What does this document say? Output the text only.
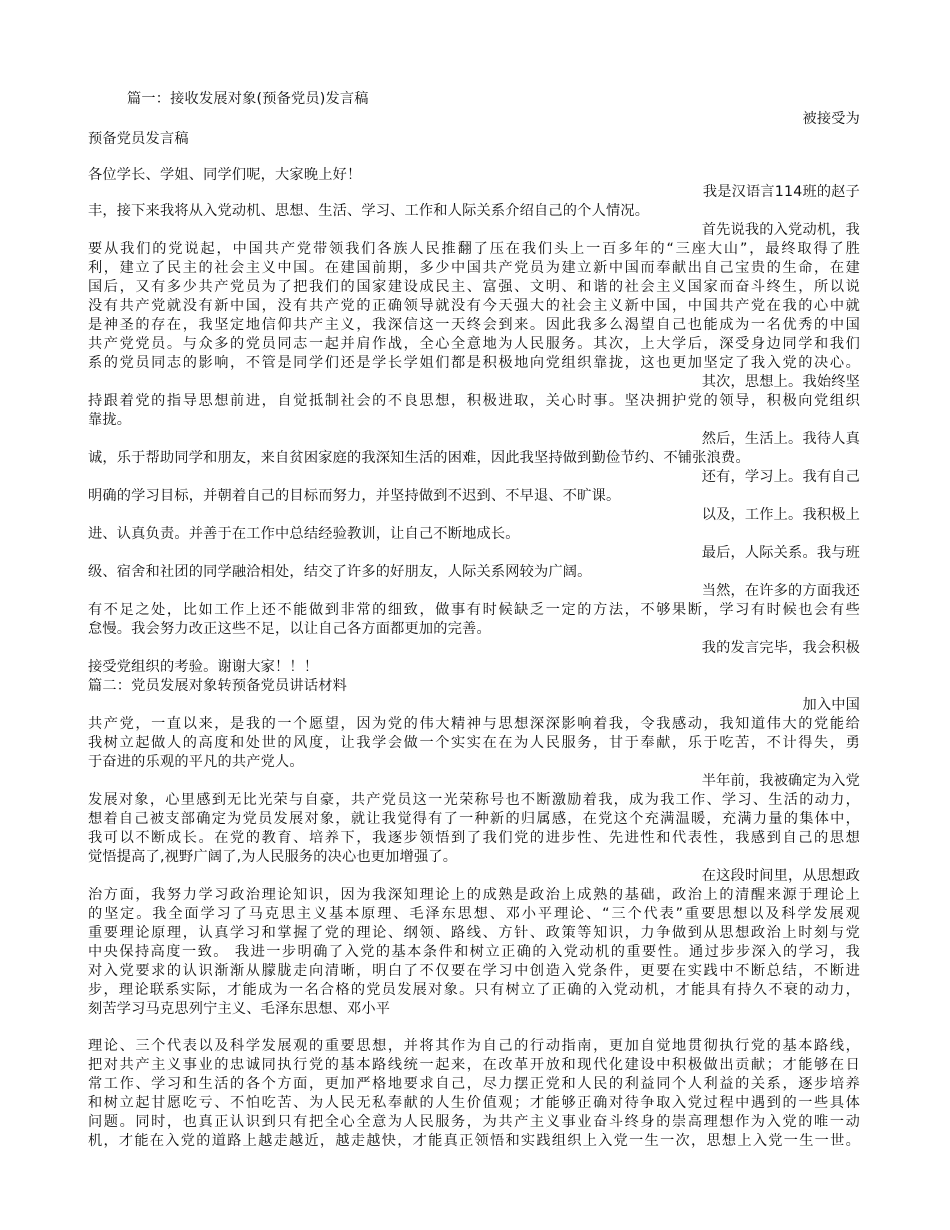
篇一：接收发展对象(预备党员)发言稿
被接受为
预备党员发言稿
各位学长、学姐、同学们呢，大家晚上好！
我是汉语言114班的赵子
丰，接下来我将从入党动机、思想、生活、学习、工作和人际关系介绍自己的个人情况。
首先说我的入党动机，我
要从我们的党说起，中国共产党带领我们各族人民推翻了压在我们头上一百多年的“三座大山”，最终取得了胜
利，建立了民主的社会主义中国。在建国前期，多少中国共产党员为建立新中国而奉献出自己宝贵的生命，在建
国后，又有多少共产党员为了把我们的国家建设成民主、富强、文明、和谐的社会主义国家而奋斗终生，所以说
没有共产党就没有新中国，没有共产党的正确领导就没有今天强大的社会主义新中国，中国共产党在我的心中就
是神圣的存在，我坚定地信仰共产主义，我深信这一天终会到来。因此我多么渴望自己也能成为一名优秀的中国
共产党党员。与众多的党员同志一起并肩作战，全心全意地为人民服务。其次，上大学后，深受身边同学和我们
系的党员同志的影响，不管是同学们还是学长学姐们都是积极地向党组织靠拢，这也更加坚定了我入党的决心。
其次，思想上。我始终坚
持跟着党的指导思想前进，自觉抵制社会的不良思想，积极进取，关心时事。坚决拥护党的领导，积极向党组织
靠拢。
然后，生活上。我待人真
诚，乐于帮助同学和朋友，来自贫困家庭的我深知生活的困难，因此我坚持做到勤俭节约、不铺张浪费。
还有，学习上。我有自己
明确的学习目标，并朝着自己的目标而努力，并坚持做到不迟到、不早退、不旷课。
以及，工作上。我积极上
进、认真负责。并善于在工作中总结经验教训，让自己不断地成长。
最后，人际关系。我与班
级、宿舍和社团的同学融洽相处，结交了许多的好朋友，人际关系网较为广阔。
当然，在许多的方面我还
有不足之处，比如工作上还不能做到非常的细致，做事有时候缺乏一定的方法，不够果断，学习有时候也会有些
怠慢。我会努力改正这些不足，以让自己各方面都更加的完善。
我的发言完毕，我会积极
接受党组织的考验。谢谢大家！！！
篇二：党员发展对象转预备党员讲话材料
加入中国
共产党，一直以来，是我的一个愿望，因为党的伟大精神与思想深深影响着我，令我感动，我知道伟大的党能给
我树立起做人的高度和处世的风度，让我学会做一个实实在在为人民服务，甘于奉献，乐于吃苦，不计得失，勇
于奋进的乐观的平凡的共产党人。
半年前，我被确定为入党
发展对象，心里感到无比光荣与自豪，共产党员这一光荣称号也不断激励着我，成为我工作、学习、生活的动力，
想着自己被支部确定为党员发展对象，就让我觉得有了一种新的归属感，在党这个充满温暖，充满力量的集体中，
我可以不断成长。在党的教育、培养下，我逐步领悟到了我们党的进步性、先进性和代表性，我感到自己的思想
觉悟提高了,视野广阔了,为人民服务的决心也更加增强了。
在这段时间里，从思想政
治方面，我努力学习政治理论知识，因为我深知理论上的成熟是政治上成熟的基础，政治上的清醒来源于理论上
的坚定。我全面学习了马克思主义基本原理、毛泽东思想、邓小平理论、“三个代表”重要思想以及科学发展观
重要理论原理，认真学习和掌握了党的理论、纲领、路线、方针、政策等知识，力争做到从思想政治上时刻与党
中央保持高度一致。 我进一步明确了入党的基本条件和树立正确的入党动机的重要性。通过步步深入的学习，我
对入党要求的认识渐渐从朦胧走向清晰，明白了不仅要在学习中创造入党条件，更要在实践中不断总结，不断进
步，理论联系实际，才能成为一名合格的党员发展对象。只有树立了正确的入党动机，才能具有持久不衰的动力，
刻苦学习马克思列宁主义、毛泽东思想、邓小平
理论、三个代表以及科学发展观的重要思想，并将其作为自己的行动指南，更加自觉地贯彻执行党的基本路线，
把对共产主义事业的忠诚同执行党的基本路线统一起来，在改革开放和现代化建设中积极做出贡献；才能够在日
常工作、学习和生活的各个方面，更加严格地要求自己，尽力摆正党和人民的利益同个人利益的关系，逐步培养
和树立起甘愿吃亏、不怕吃苦、为人民无私奉献的人生价值观；才能够正确对待争取入党过程中遇到的一些具体
问题。同时，也真正认识到只有把全心全意为人民服务，为共产主义事业奋斗终身的崇高理想作为入党的唯一动
机，才能在入党的道路上越走越近，越走越快，才能真正领悟和实践组织上入党一生一次，思想上入党一生一世。
